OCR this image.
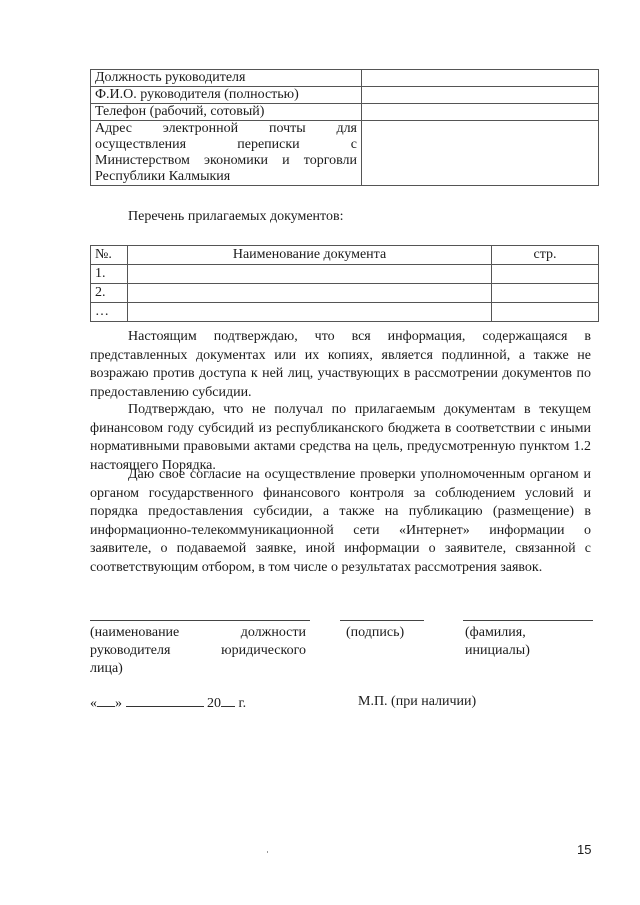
Должность руководителя	
Ф.И.О. руководителя (полностью)	
Телефон (рабочий, сотовый)	
Адрес электронной почты для осуществления переписки с Министерством экономики и торговли Республики Калмыкия	
Перечень прилагаемых документов:
№.	Наименование документа	стр.
1.		
2.		
…		

Настоящим подтверждаю, что вся информация, содержащаяся в представленных документах или их копиях, является подлинной, а также не возражаю против доступа к ней лиц, участвующих в рассмотрении документов по предоставлению субсидии.

Подтверждаю, что не получал по прилагаемым документам в текущем финансовом году субсидий из республиканского бюджета в соответствии с иными нормативными правовыми актами средства на цель, предусмотренную пунктом 1.2 настоящего Порядка.

Даю свое согласие на осуществление проверки уполномоченным органом и органом государственного финансового контроля за соблюдением условий и порядка предоставления субсидии, а также на публикацию (размещение) в информационно-телекоммуникационной сети «Интернет» информации о заявителе, о подаваемой заявке, иной информации о заявителе, связанной с соответствующим отбором, в том числе о результатах рассмотрения заявок.

(наименование	должности
руководителя	юридического
лица)
(подпись)	(фамилия,
инициалы)
« »	20 г.	М.П. (при наличии)
15
